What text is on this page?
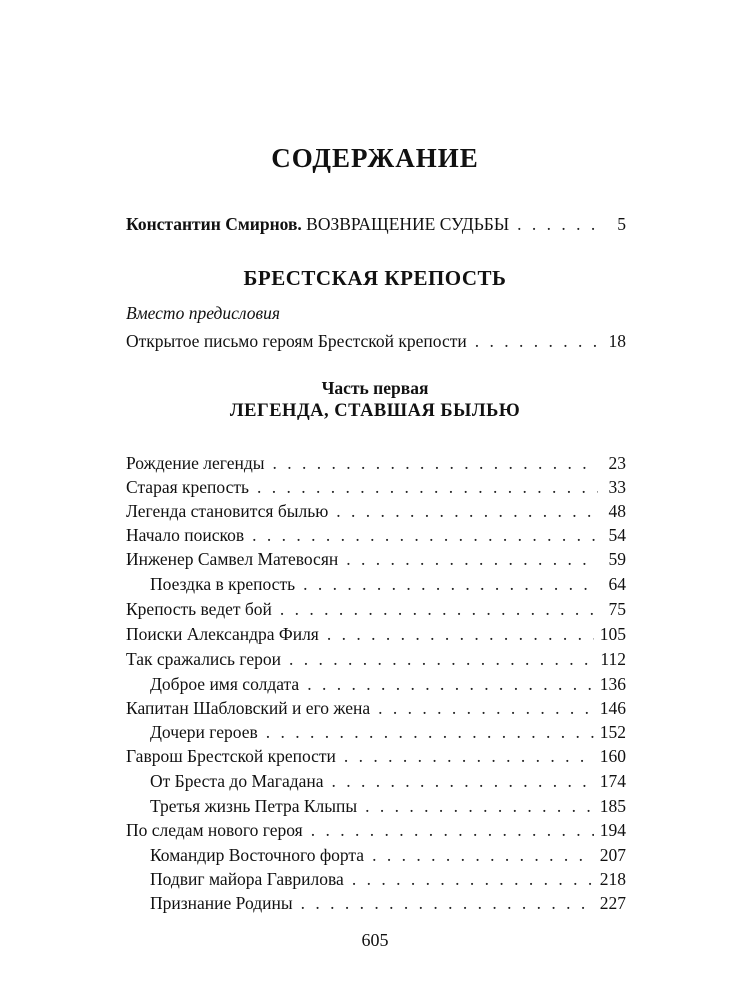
СОДЕРЖАНИЕ
Константин Смирнов. ВОЗВРАЩЕНИЕ СУДЬБЫ . . .	5
БРЕСТСКАЯ КРЕПОСТЬ
Вместо предисловия
Открытое письмо героям Брестской крепости . . .	18
Часть первая
ЛЕГЕНДА, СТАВШАЯ БЫЛЬЮ
Рождение легенды . . .	23
Старая крепость . . .	33
Легенда становится былью . . .	48
Начало поисков . . .	54
Инженер Самвел Матевосян . . .	59
Поездка в крепость . . .	64
Крепость ведет бой . . .	75
Поиски Александра Филя . . .	105
Так сражались герои . . .	112
Доброе имя солдата . . .	136
Капитан Шабловский и его жена . . .	146
Дочери героев . . .	152
Гаврош Брестской крепости . . .	160
От Бреста до Магадана . . .	174
Третья жизнь Петра Клыпы . . .	185
По следам нового героя . . .	194
Командир Восточного форта . . .	207
Подвиг майора Гаврилова . . .	218
Признание Родины . . .	227
605
